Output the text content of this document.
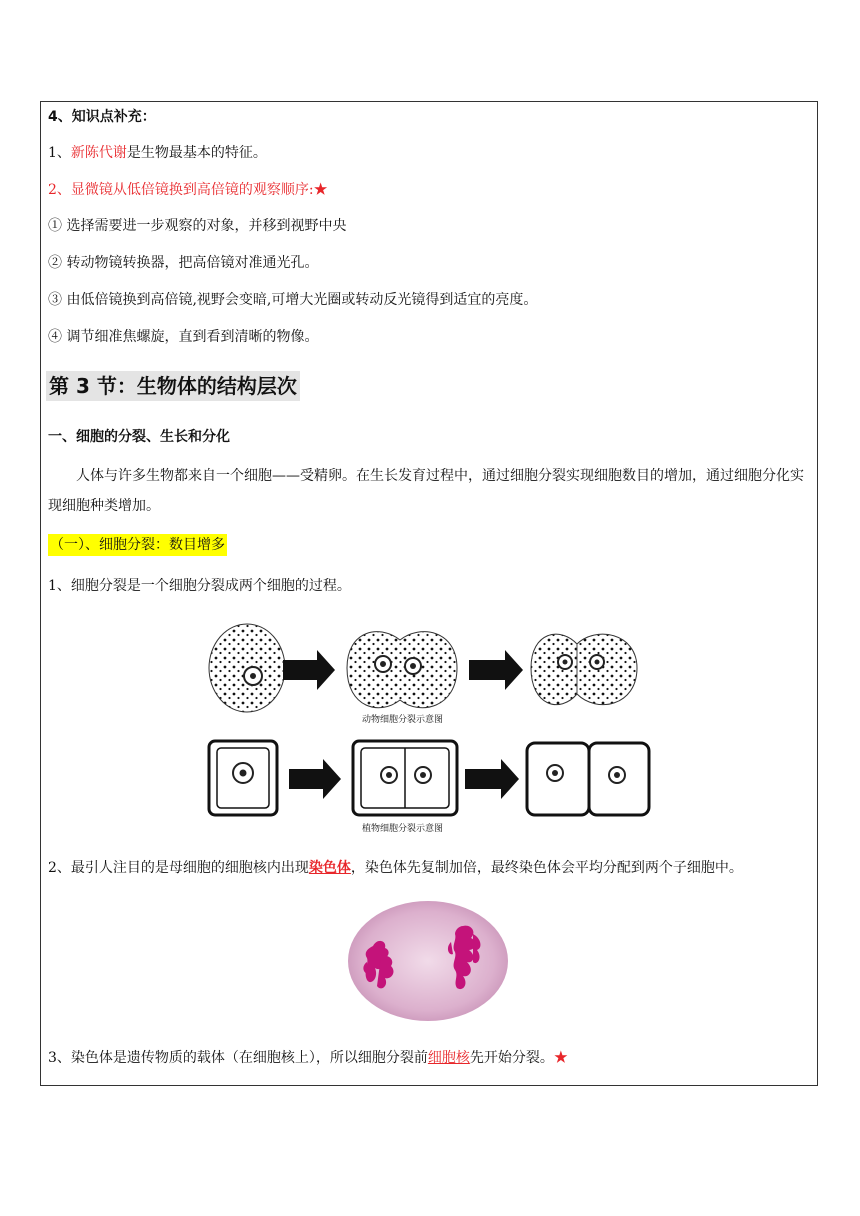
4、知识点补充：
1、新陈代谢是生物最基本的特征。
2、显微镜从低倍镜换到高倍镜的观察顺序:★
① 选择需要进一步观察的对象，并移到视野中央
② 转动物镜转换器，把高倍镜对准通光孔。
③ 由低倍镜换到高倍镜,视野会变暗,可增大光圈或转动反光镜得到适宜的亮度。
④ 调节细准焦螺旋，直到看到清晰的物像。
第 3 节：生物体的结构层次
一、细胞的分裂、生长和分化
人体与许多生物都来自一个细胞——受精卵。在生长发育过程中，通过细胞分裂实现细胞数目的增加，通过细胞分化实现细胞种类增加。
（一）、细胞分裂：数目增多
1、细胞分裂是一个细胞分裂成两个细胞的过程。
动物细胞分裂示意图
植物细胞分裂示意图
2、最引人注目的是母细胞的细胞核内出现染色体，染色体先复制加倍，最终染色体会平均分配到两个子细胞中。
3、染色体是遗传物质的载体（在细胞核上），所以细胞分裂前细胞核先开始分裂。★
